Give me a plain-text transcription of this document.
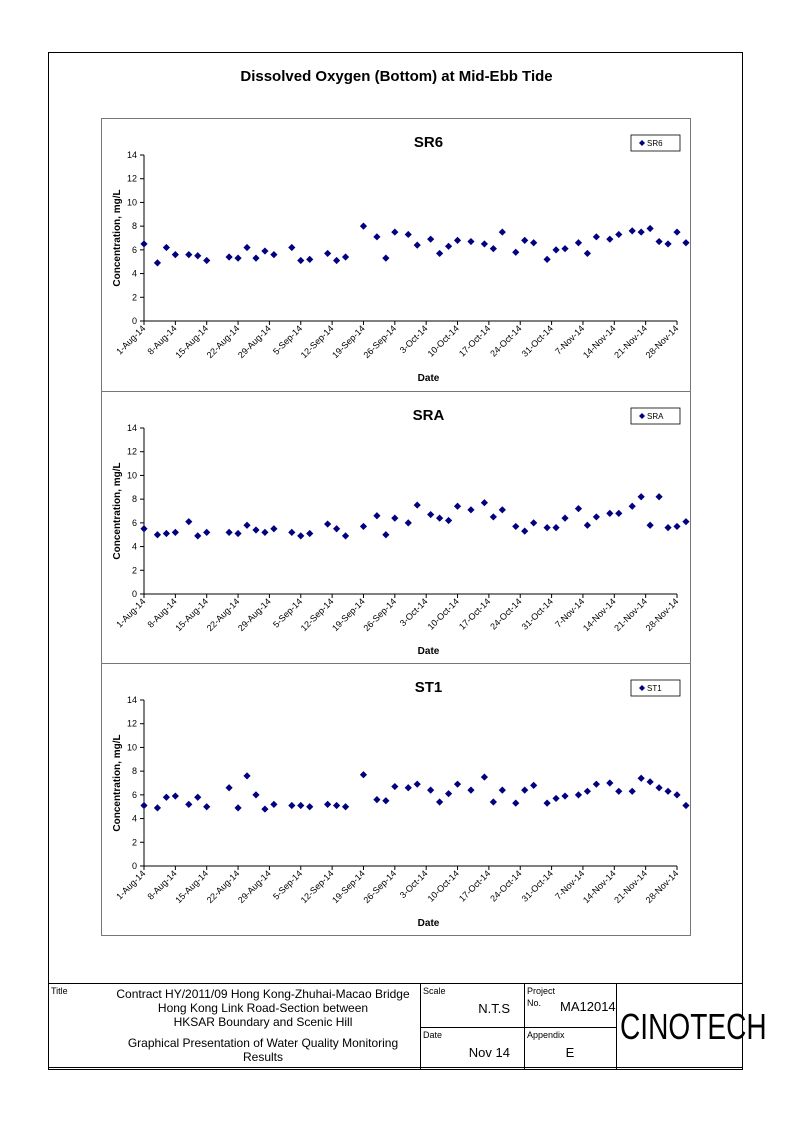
Dissolved Oxygen (Bottom) at Mid-Ebb Tide
SR6
0
2
4
6
8
10
12
14
1-Aug-14
8-Aug-14
15-Aug-14
22-Aug-14
29-Aug-14
5-Sep-14
12-Sep-14
19-Sep-14
26-Sep-14 3-Oct-14
10-Oct-14
17-Oct-14
24-Oct-14
31-Oct-14
7-Nov-14
14-Nov-14
21-Nov-14
28-Nov-14
Date
Concentration, mg/L
SR6
SRA
0
2
4
6
8
10
12
14
1-Aug-14
8-Aug-14
15-Aug-14
22-Aug-14
29-Aug-14
5-Sep-14
12-Sep-14
19-Sep-14
26-Sep-14 3-Oct-14
10-Oct-14
17-Oct-14
24-Oct-14
31-Oct-14
7-Nov-14
14-Nov-14
21-Nov-14
28-Nov-14
Date
Concentration, mg/L
SRA
ST1
0
2
4
6
8
10
12
14
1-Aug-14
8-Aug-14
15-Aug-14
22-Aug-14
29-Aug-14
5-Sep-14
12-Sep-14
19-Sep-14
26-Sep-14 3-Oct-14
10-Oct-14
17-Oct-14
24-Oct-14
31-Oct-14
7-Nov-14
14-Nov-14
21-Nov-14
28-Nov-14
Date
Concentration, mg/L
ST1
Title	Contract HY/2011/09 Hong Kong-Zhuhai-Macao Bridge
Hong Kong Link Road-Section between
HKSAR Boundary and Scenic Hill
Graphical Presentation of Water Quality Monitoring
Results
Scale
N.T.S
Date
Nov 14
Project
No. MA12014
Appendix
E
CINOTECH
